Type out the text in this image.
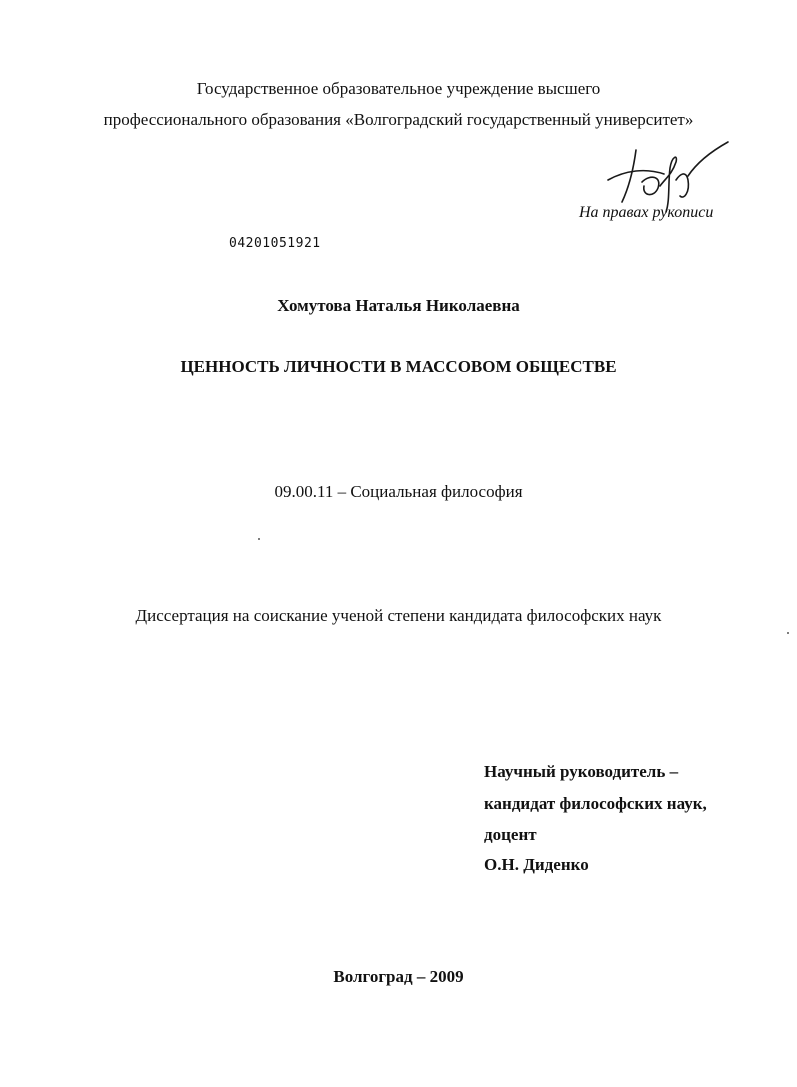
Государственное образовательное учреждение высшего
профессионального образования «Волгоградский государственный университет»
На правах рукописи
04201051921
Хомутова Наталья Николаевна
ЦЕННОСТЬ ЛИЧНОСТИ В МАССОВОМ ОБЩЕСТВЕ
09.00.11 – Социальная философия
Диссертация на соискание ученой степени кандидата философских наук
Научный руководитель –
кандидат философских наук,
доцент
О.Н. Диденко
Волгоград – 2009
